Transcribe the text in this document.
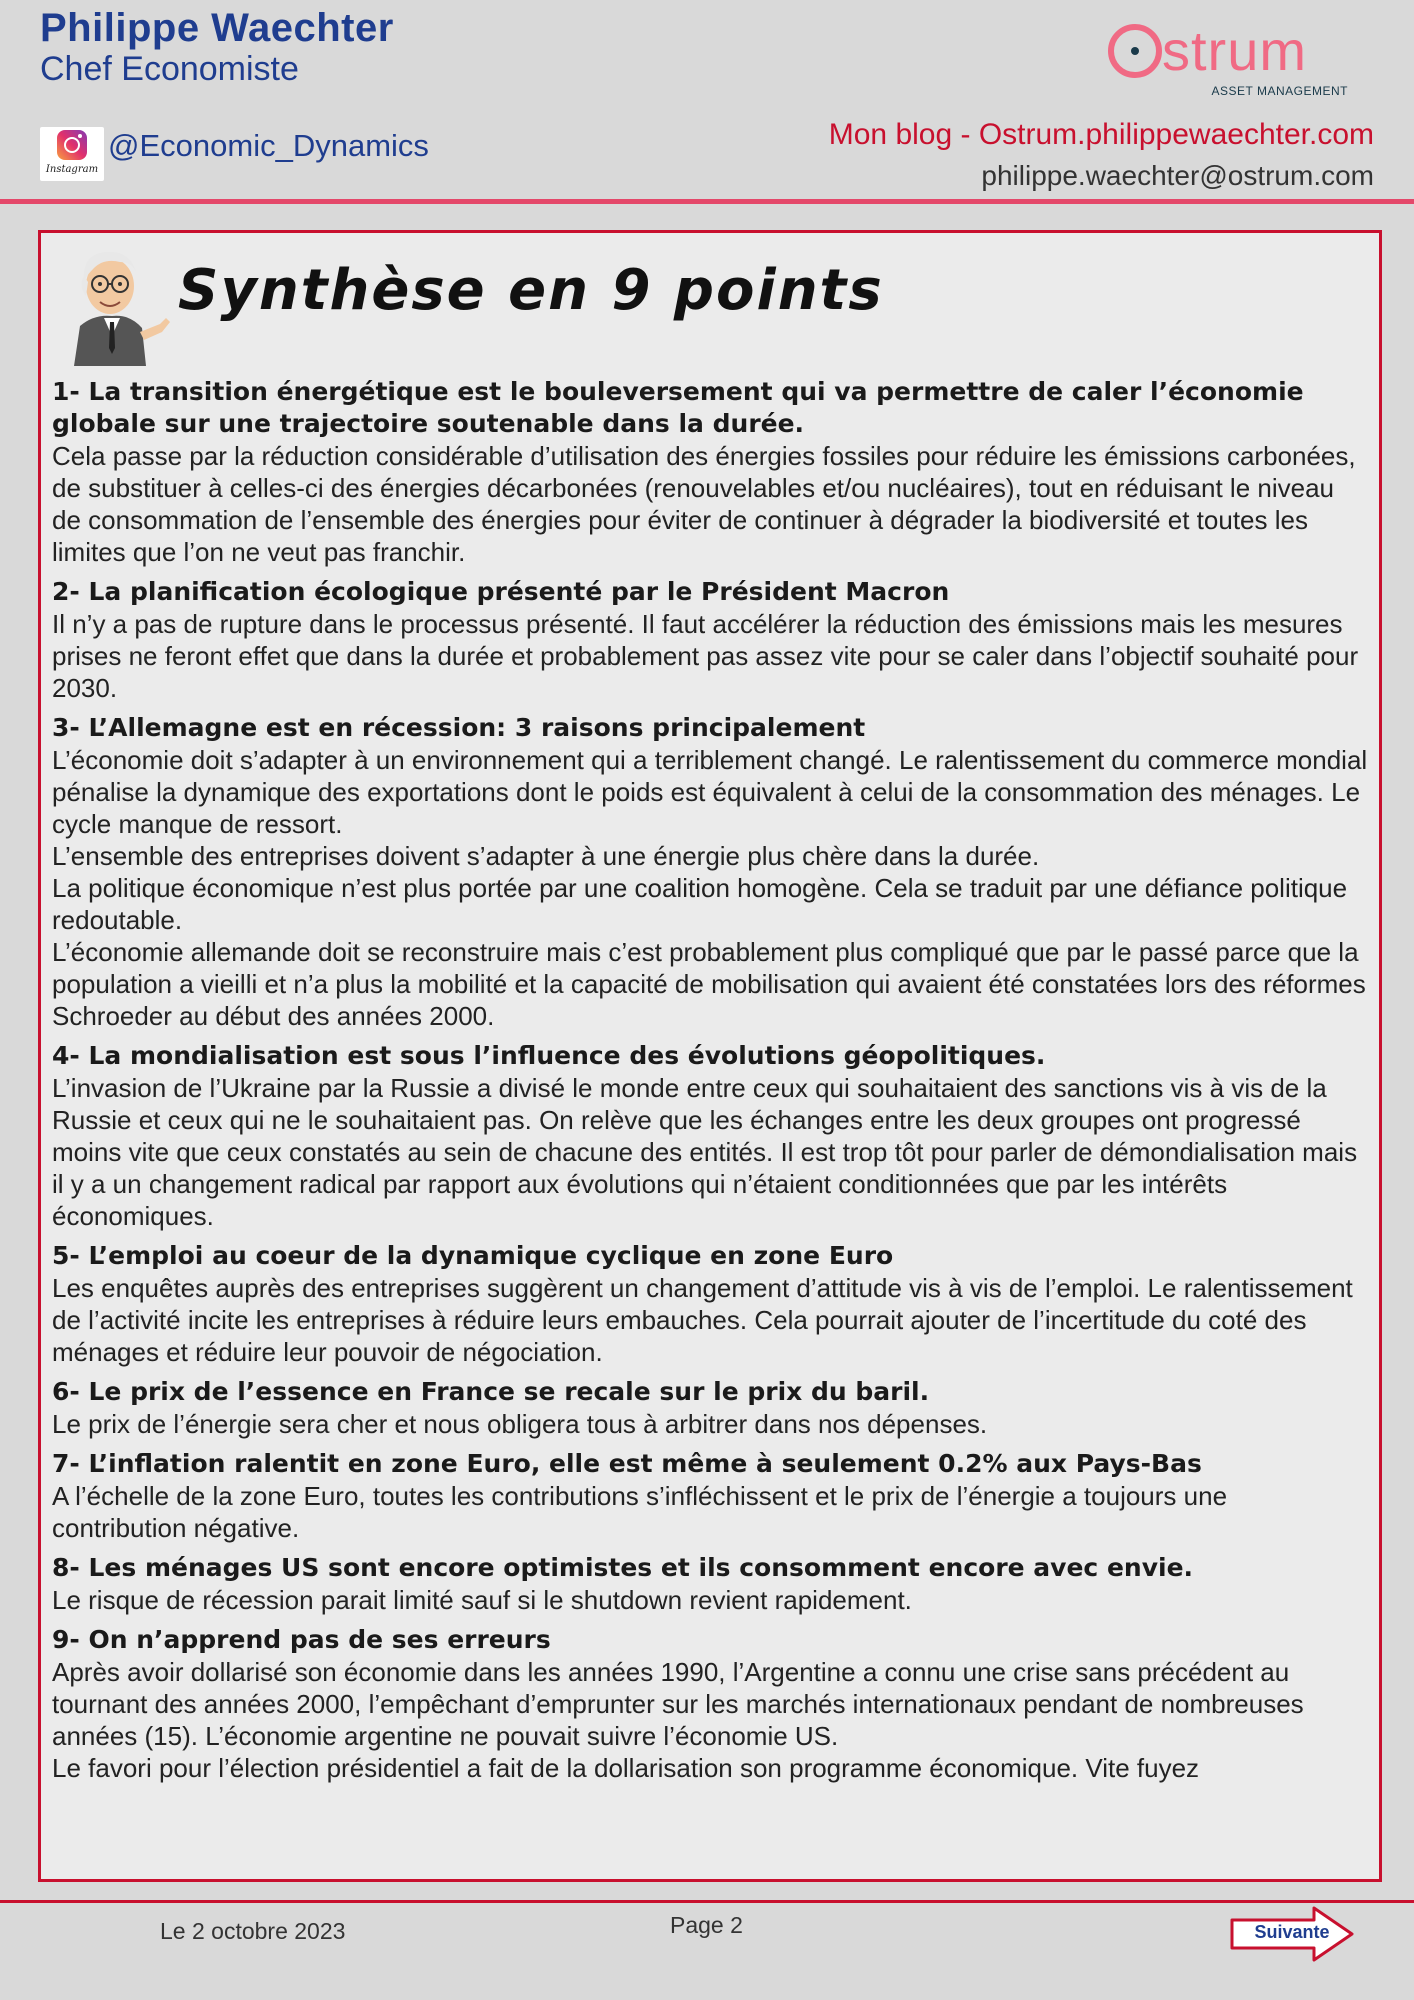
Philippe Waechter
Chef Economiste
Instagram
@Economic_Dynamics
strum
ASSET MANAGEMENT
Mon blog - Ostrum.philippewaechter.com
philippe.waechter@ostrum.com
Synthèse en 9 points
1- La transition énergétique est le bouleversement qui va permettre de caler l’économie globale sur une trajectoire soutenable dans la durée.
Cela passe par la réduction considérable d’utilisation des énergies fossiles pour réduire les émissions carbonées, de substituer à celles-ci des énergies décarbonées (renouvelables et/ou nucléaires), tout en réduisant le niveau de consommation de l’ensemble des énergies pour éviter de continuer à dégrader la biodiversité et toutes les limites que l’on ne veut pas franchir.
2- La planification écologique présenté par le Président Macron
Il n’y a pas de rupture dans le processus présenté. Il faut accélérer la réduction des émissions mais les mesures prises ne feront effet que dans la durée et probablement pas assez vite pour se caler dans l’objectif souhaité pour 2030.
3- L’Allemagne est en récession: 3 raisons principalement
L’économie doit s’adapter à un environnement qui a terriblement changé. Le ralentissement du commerce mondial pénalise la dynamique des exportations dont le poids est équivalent à celui de la consommation des ménages. Le cycle manque de ressort.
L’ensemble des entreprises doivent s’adapter à une énergie plus chère dans la durée.
La politique économique n’est plus portée par une coalition homogène. Cela se traduit par une défiance politique redoutable.
L’économie allemande doit se reconstruire mais c’est probablement plus compliqué que par le passé parce que la population a vieilli et n’a plus la mobilité et la capacité de mobilisation qui avaient été constatées lors des réformes Schroeder au début des années 2000.
4- La mondialisation est sous l’influence des évolutions géopolitiques.
L’invasion de l’Ukraine par la Russie a divisé le monde entre ceux qui souhaitaient des sanctions vis à vis de la Russie et ceux qui ne le souhaitaient pas. On relève que les échanges entre les deux groupes ont progressé moins vite que ceux constatés au sein de chacune des entités. Il est trop tôt pour parler de démondialisation mais il y a un changement radical par rapport aux évolutions qui n’étaient conditionnées que par les intérêts économiques.
5- L’emploi au coeur de la dynamique cyclique en zone Euro
Les enquêtes auprès des entreprises suggèrent un changement d’attitude vis à vis de l’emploi. Le ralentissement de l’activité incite les entreprises à réduire leurs embauches. Cela pourrait ajouter de l’incertitude du coté des ménages et réduire leur pouvoir de négociation.
6- Le prix de l’essence en France se recale sur le prix du baril.
Le prix de l’énergie sera cher et nous obligera tous à arbitrer dans nos dépenses.
7- L’inflation ralentit en zone Euro, elle est même à seulement 0.2% aux Pays-Bas
A l’échelle de la zone Euro, toutes les contributions s’infléchissent et le prix de l’énergie a toujours une contribution négative.
8- Les ménages US sont encore optimistes et ils consomment encore avec envie.
Le risque de récession parait limité sauf si le shutdown revient rapidement.
9- On n’apprend pas de ses erreurs
Après avoir dollarisé son économie dans les années 1990, l’Argentine a connu une crise sans précédent au tournant des années 2000, l’empêchant d’emprunter sur les marchés internationaux pendant de nombreuses années (15). L’économie argentine ne pouvait suivre l’économie US.
Le favori pour l’élection présidentiel a fait de la dollarisation son programme économique. Vite fuyez
Le 2 octobre 2023	Page 2	Suivante
